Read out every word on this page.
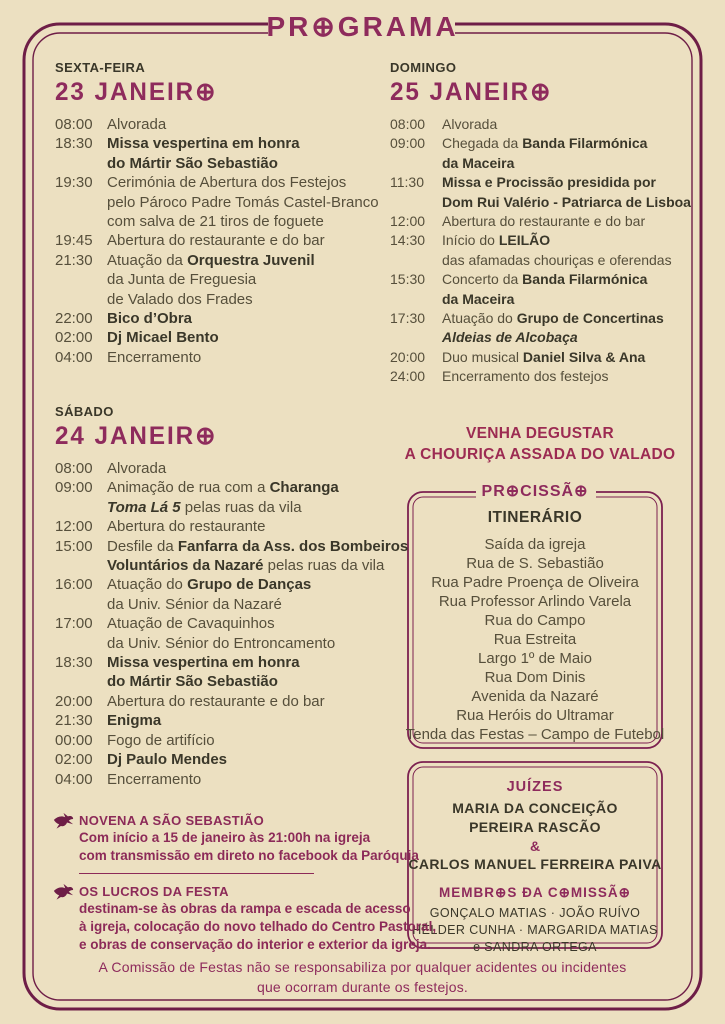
PR⊕GRAMA
SEXTA-FEIRA
23 JANEIR⊕
08:00 Alvorada
18:30 Missa vespertina em honra
do Mártir São Sebastião
19:30 Cerimónia de Abertura dos Festejos
pelo Pároco Padre Tomás Castel-Branco
com salva de 21 tiros de foguete
19:45 Abertura do restaurante e do bar
21:30 Atuação da Orquestra Juvenil
da Junta de Freguesia
de Valado dos Frades
22:00 Bico d’Obra
02:00 Dj Micael Bento
04:00 Encerramento
SÁBADO
24 JANEIR⊕
08:00 Alvorada
09:00 Animação de rua com a Charanga
Toma Lá 5 pelas ruas da vila
12:00 Abertura do restaurante
15:00 Desfile da Fanfarra da Ass. dos Bombeiros
Voluntários da Nazaré pelas ruas da vila
16:00 Atuação do Grupo de Danças
da Univ. Sénior da Nazaré
17:00 Atuação de Cavaquinhos
da Univ. Sénior do Entroncamento
18:30 Missa vespertina em honra
do Mártir São Sebastião
20:00 Abertura do restaurante e do bar
21:30 Enigma
00:00 Fogo de artifício
02:00 Dj Paulo Mendes
04:00 Encerramento
DOMINGO
25 JANEIR⊕
08:00	Alvorada
09:00	Chegada da Banda Filarmónica
da Maceira
11:30	Missa e Procissão presidida por
Dom Rui Valério - Patriarca de Lisboa
12:00	Abertura do restaurante e do bar
14:30	Início do LEILÃO
das afamadas chouriças e oferendas
15:30	Concerto da Banda Filarmónica
da Maceira
17:30	Atuação do Grupo de Concertinas
Aldeias de Alcobaça
20:00	Duo musical Daniel Silva & Ana
24:00	Encerramento dos festejos
VENHA DEGUSTAR
A CHOURIÇA ASSADA DO VALADO
PR⊕CISSÃ⊕
ITINERÁRIO
Saída da igreja
Rua de S. Sebastião
Rua Padre Proença de Oliveira
Rua Professor Arlindo Varela
Rua do Campo
Rua Estreita
Largo 1º de Maio
Rua Dom Dinis
Avenida da Nazaré
Rua Heróis do Ultramar
Tenda das Festas – Campo de Futebol
JUÍZES
MARIA DA CONCEIÇÃO
PEREIRA RASCÃO
&
CARLOS MANUEL FERREIRA PAIVA
MEMBR⊕S ÐA C⊕MISSÃ⊕
GONÇALO MATIAS · JOÃO RUÍVO
HÉLDER CUNHA · MARGARIDA MATIAS
e SANDRA ORTEGA
NOVENA A SÃO SEBASTIÃO
Com início a 15 de janeiro às 21:00h na igreja
com transmissão em direto no facebook da Paróquia
OS LUCROS DA FESTA
destinam-se às obras da rampa e escada de acesso
à igreja, colocação do novo telhado do Centro Pastoral,
e obras de conservação do interior e exterior da igreja.
A Comissão de Festas não se responsabiliza por qualquer acidentes ou incidentes
que ocorram durante os festejos.
